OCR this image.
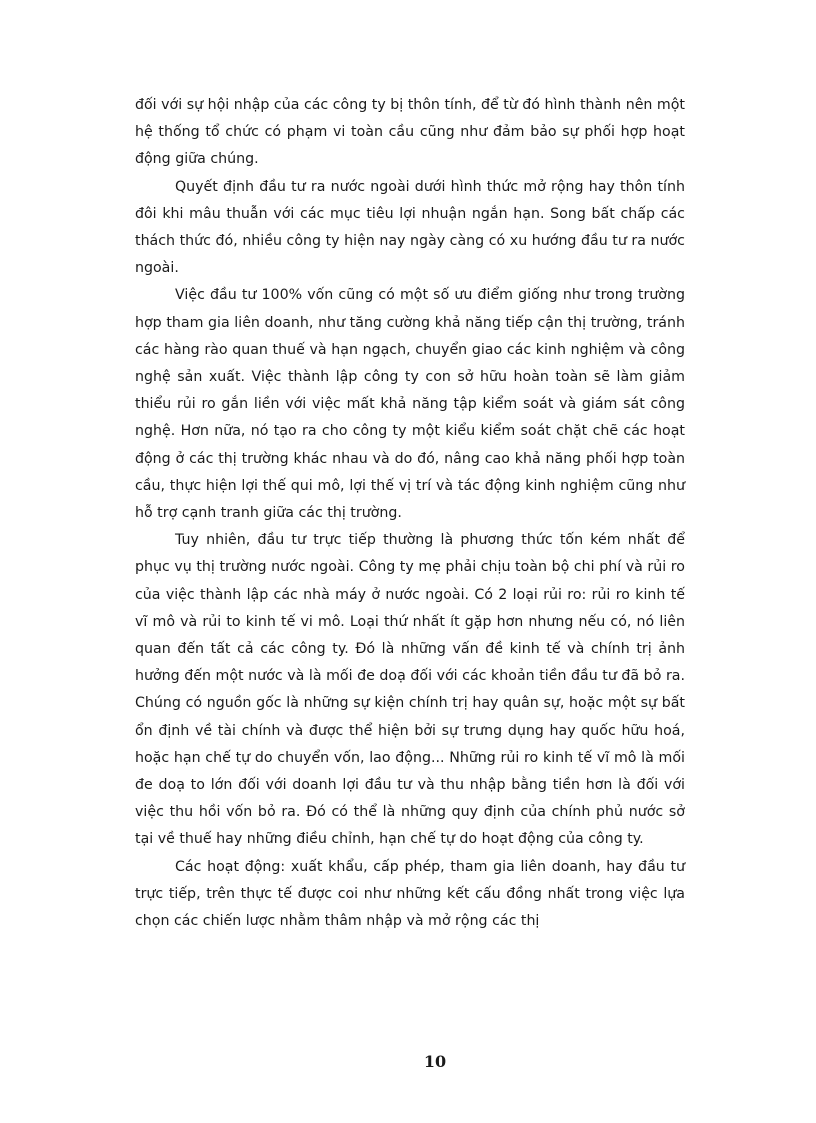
đối với sự hội nhập của các công ty bị thôn tính, để từ đó hình thành nên một hệ thống tổ chức có phạm vi toàn cầu cũng như đảm bảo sự phối hợp hoạt động giữa chúng.

Quyết định đầu tư ra nước ngoài dưới hình thức mở rộng hay thôn tính đôi khi mâu thuẫn với các mục tiêu lợi nhuận ngắn hạn. Song bất chấp các thách thức đó, nhiều công ty hiện nay ngày càng có xu hướng đầu tư ra nước ngoài.

Việc đầu tư 100% vốn cũng có một số ưu điểm giống như trong trường hợp tham gia liên doanh, như tăng cường khả năng tiếp cận thị trường, tránh các hàng rào quan thuế và hạn ngạch, chuyển giao các kinh nghiệm và công nghệ sản xuất. Việc thành lập công ty con sở hữu hoàn toàn sẽ làm giảm thiểu rủi ro gắn liền với việc mất khả năng tập kiểm soát và giám sát công nghệ. Hơn nữa, nó tạo ra cho công ty một kiểu kiểm soát chặt chẽ các hoạt động ở các thị trường khác nhau và do đó, nâng cao khả năng phối hợp toàn cầu, thực hiện lợi thế qui mô, lợi thế vị trí và tác động kinh nghiệm cũng như hỗ trợ cạnh tranh giữa các thị trường.

Tuy nhiên, đầu tư trực tiếp thường là phương thức tốn kém nhất để phục vụ thị trường nước ngoài. Công ty mẹ phải chịu toàn bộ chi phí và rủi ro của việc thành lập các nhà máy ở nước ngoài. Có 2 loại rủi ro: rủi ro kinh tế vĩ mô và rủi to kinh tế vi mô. Loại thứ nhất ít gặp hơn nhưng nếu có, nó liên quan đến tất cả các công ty. Đó là những vấn đề kinh tế và chính trị ảnh hưởng đến một nước và là mối đe doạ đối với các khoản tiền đầu tư đã bỏ ra. Chúng có nguồn gốc là những sự kiện chính trị hay quân sự, hoặc một sự bất ổn định về tài chính và được thể hiện bởi sự trưng dụng hay quốc hữu hoá, hoặc hạn chế tự do chuyển vốn, lao động... Những rủi ro kinh tế vĩ mô là mối đe doạ to lớn đối với doanh lợi đầu tư và thu nhập bằng tiền hơn là đối với việc thu hồi vốn bỏ ra. Đó có thể là những quy định của chính phủ nước sở tại về thuế hay những điều chỉnh, hạn chế tự do hoạt động của công ty.

Các hoạt động: xuất khẩu, cấp phép, tham gia liên doanh, hay đầu tư trực tiếp, trên thực tế được coi như những kết cấu đồng nhất trong việc lựa chọn các chiến lược nhằm thâm nhập và mở rộng các thị

10
